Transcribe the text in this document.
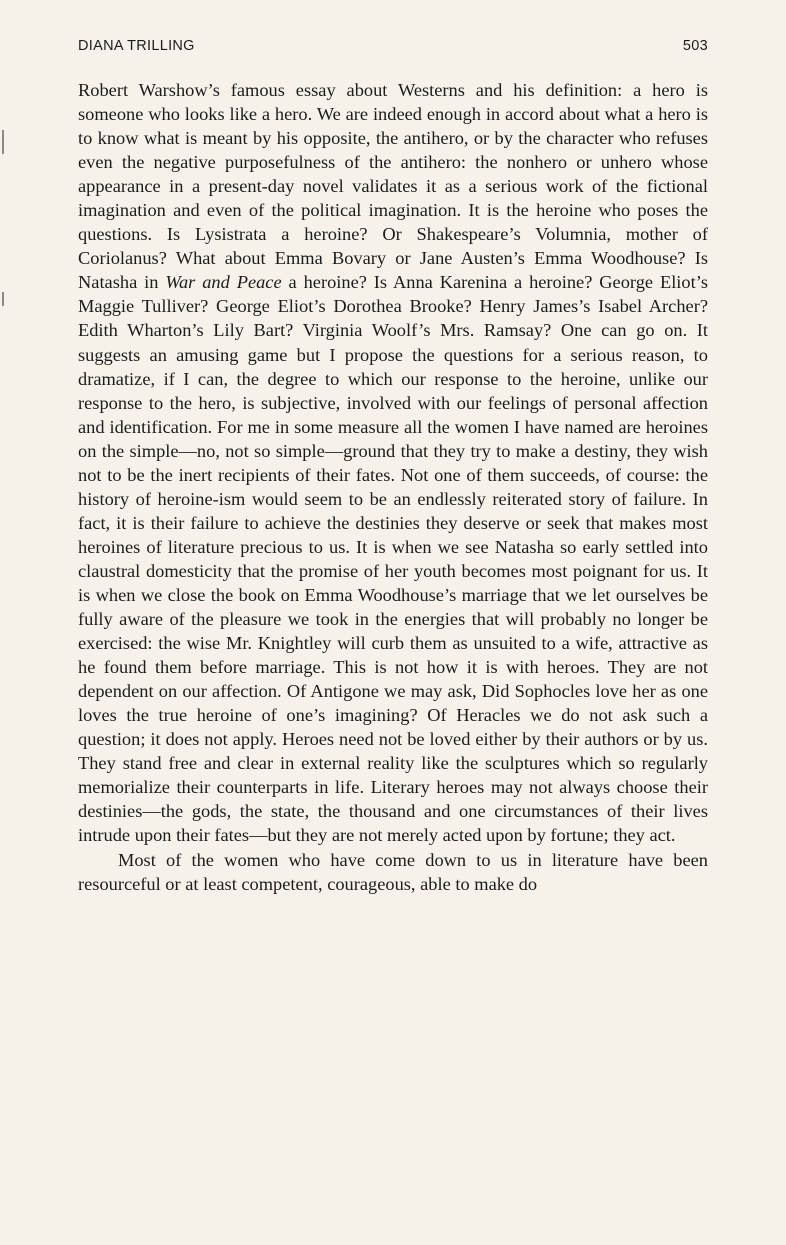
DIANA TRILLING	503

Robert Warshow’s famous essay about Westerns and his definition: a hero is someone who looks like a hero. We are indeed enough in accord about what a hero is to know what is meant by his opposite, the antihero, or by the character who refuses even the negative purposefulness of the antihero: the nonhero or unhero whose appearance in a present-day novel validates it as a serious work of the fictional imagination and even of the political imagination. It is the heroine who poses the questions. Is Lysistrata a heroine? Or Shakespeare’s Volumnia, mother of Coriolanus? What about Emma Bovary or Jane Austen’s Emma Woodhouse? Is Natasha in War and Peace a heroine? Is Anna Karenina a heroine? George Eliot’s Maggie Tulliver? George Eliot’s Dorothea Brooke? Henry James’s Isabel Archer? Edith Wharton’s Lily Bart? Virginia Woolf’s Mrs. Ramsay? One can go on. It suggests an amusing game but I propose the questions for a serious reason, to dramatize, if I can, the degree to which our response to the heroine, unlike our response to the hero, is subjective, involved with our feelings of personal affection and identification. For me in some measure all the women I have named are heroines on the simple—no, not so simple—ground that they try to make a destiny, they wish not to be the inert recipients of their fates. Not one of them succeeds, of course: the history of heroine-ism would seem to be an endlessly reiterated story of failure. In fact, it is their failure to achieve the destinies they deserve or seek that makes most heroines of literature precious to us. It is when we see Natasha so early settled into claustral domesticity that the promise of her youth becomes most poignant for us. It is when we close the book on Emma Woodhouse’s marriage that we let ourselves be fully aware of the pleasure we took in the energies that will probably no longer be exercised: the wise Mr. Knightley will curb them as unsuited to a wife, attractive as he found them before marriage. This is not how it is with heroes. They are not dependent on our affection. Of Antigone we may ask, Did Sophocles love her as one loves the true heroine of one’s imagining? Of Heracles we do not ask such a question; it does not apply. Heroes need not be loved either by their authors or by us. They stand free and clear in external reality like the sculptures which so regularly memorialize their counterparts in life. Literary heroes may not always choose their destinies—the gods, the state, the thousand and one circumstances of their lives intrude upon their fates—but they are not merely acted upon by fortune; they act.

Most of the women who have come down to us in literature have been resourceful or at least competent, courageous, able to make do
